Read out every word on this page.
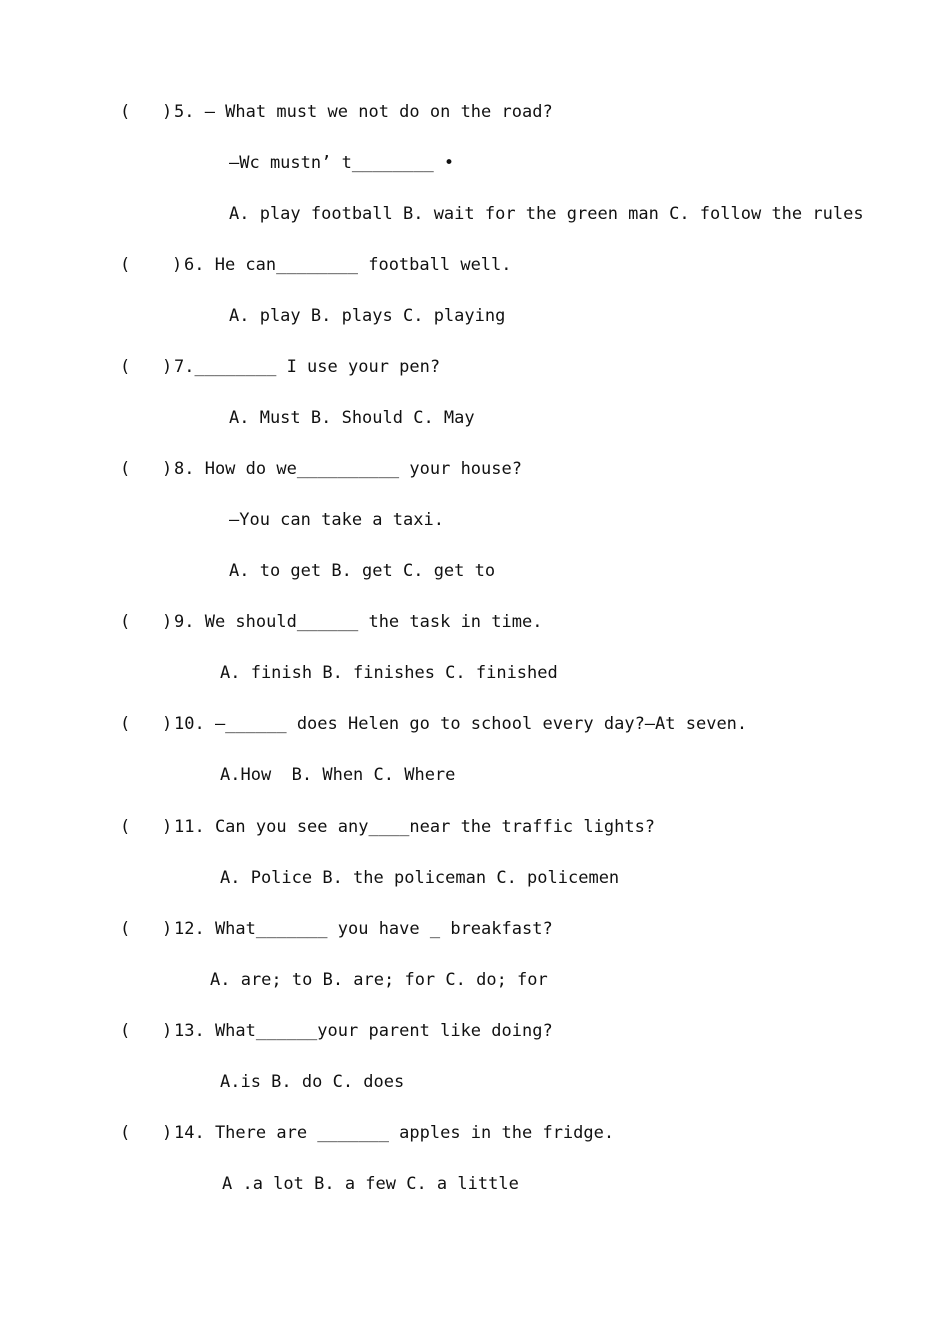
( ) 5. — What must we not do on the road?
—Wc mustn’ t________ •
A. play football B. wait for the green man C. follow the rules
( ) 6. He can________ football well.
A. play B. plays C. playing
( ) 7.________ I use your pen?
A. Must B. Should C. May
( ) 8. How do we__________ your house?
—You can take a taxi.
A. to get B. get C. get to
( ) 9. We should______ the task in time.
A. finish B. finishes C. finished
( ) 10. —______ does Helen go to school every day?—At seven.
A.How  B. When C. Where
( ) 11. Can you see any____near the traffic lights?
A. Police B. the policeman C. policemen
( ) 12. What_______ you have _ breakfast?
A. are; to B. are; for C. do; for
( ) 13. What______your parent like doing?
A.is B. do C. does
( ) 14. There are _______ apples in the fridge.
A .a lot B. a few C. a little
